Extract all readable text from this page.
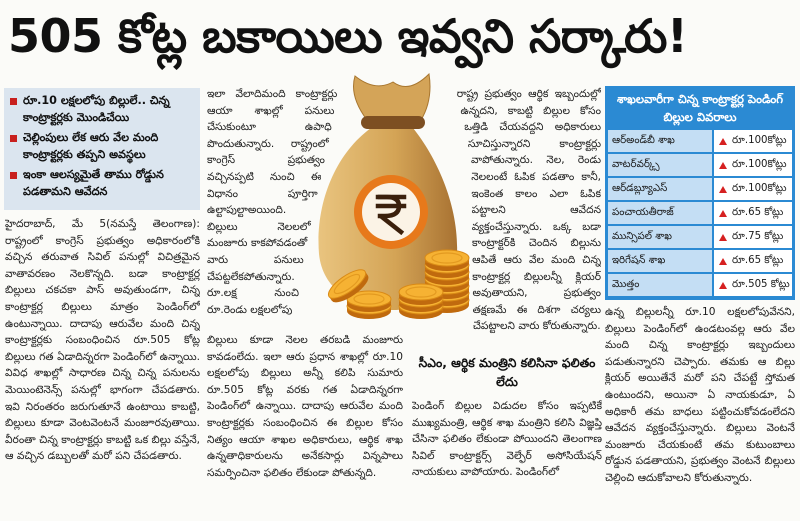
505 కోట్ల బకాయిలు ఇవ్వని సర్కారు!
రూ.10 లక్షలలోపు బిల్లులే.. చిన్న కాంట్రాక్టర్లకు మొండిచేయి
చెల్లింపులు లేక ఆరు వేల మంది కాంట్రాక్టర్లకు తప్పని అవస్థలు
ఇంకా ఆలస్యమైతే తాము రోడ్డున పడతామని ఆవేదన
హైదరాబాద్, మే 5(నమస్తే తెలంగాణ): రాష్ట్రంలో కాంగ్రెస్ ప్రభుత్వం అధికారంలోకి వచ్చిన తరువాత సివిల్ పనుల్లో విచిత్రమైన వాతావరణం నెలకొన్నది. బడా కాంట్రాక్టర్ల బిల్లులు చకచకా పాస్ అవుతుండగా, చిన్న కాంట్రాక్టర్ల బిల్లులు మాత్రం పెండింగ్‌లో ఉంటున్నాయి. దాదాపు ఆరువేల మంది చిన్న కాంట్రాక్టర్లకు సంబంధించిన రూ.505 కోట్ల బిల్లులు గత ఏడాదిన్నరగా పెండింగ్‌లో ఉన్నాయి. వివిధ శాఖల్లో సాధారణ చిన్న చిన్న పనులను మెయింటెనెన్స్ పనుల్లో భాగంగా చేపడతారు. ఇవి నిరంతరం జరుగుతూనే ఉంటాయి కాబట్టి, బిల్లులు కూడా వెంటవెంటనే మంజూరవుతాయి. వీరంతా చిన్న కాంట్రాక్టర్లు కాబట్టి ఒక బిల్లు వస్తేనే, ఆ వచ్చిన డబ్బులతో మరో పని చేపడతారు.
ఇలా వేలాదిమంది కాంట్రాక్టర్లు ఆయా శాఖల్లో పనులు చేసుకుంటూ ఉపాధి పొందుతున్నారు. రాష్ట్రంలో కాంగ్రెస్ ప్రభుత్వం వచ్చినప్పటి నుంచి ఈ విధానం పూర్తిగా ఉల్టాపుల్టాఅయింది. బిల్లులు నెలలలో మంజూరు కాకపోవడంతో వారు పనులు చేపట్టలేకపోతున్నారు. రూ.లక్ష నుంచి రూ.రెండు లక్షలలోపు
బిల్లులు కూడా నెలల తరబడి మంజూరు కావడంలేదు. ఇలా ఆరు ప్రధాన శాఖల్లో రూ.10 లక్షలలోపు బిల్లులు అన్నీ కలిపి సుమారు రూ.505 కోట్ల వరకు గత ఏడాదిన్నరగా పెండింగ్‌లో ఉన్నాయి. దాదాపు ఆరువేల మంది కాంట్రాక్టర్లకు సంబంధించిన ఈ బిల్లుల కోసం నిత్యం ఆయా శాఖల అధికారులు, ఆర్థిక శాఖ ఉన్నతాధికారులను అనేకసార్లు విన్నపాలు సమర్పించినా ఫలితం లేకుండా పోతున్నది.
రాష్ట్ర ప్రభుత్వం ఆర్థిక ఇబ్బందుల్లో ఉన్నదని, కాబట్టి బిల్లుల కోసం ఒత్తిడి చేయవద్దని అధికారులు సూచిస్తున్నారని కాంట్రాక్టర్లు వాపోతున్నారు. నెల, రెండు నెలలంటే ఓపిక పడతాం కానీ, ఇంకెంత కాలం ఎలా ఓపిక పట్టాలని ఆవేదన వ్యక్తంచేస్తున్నారు. ఒక్క బడా కాంట్రాక్టర్‌కి చెందిన బిల్లును ఆపితే ఆరు వేల మంది చిన్న కాంట్రాక్టర్ల బిల్లులన్నీ క్లియర్ అవుతాయని, ప్రభుత్వం తక్షణమే ఈ దిశగా చర్యలు చేపట్టాలని వారు కోరుతున్నారు.
సీఎం, ఆర్థిక మంత్రిని కలిసినా ఫలితం లేదు
పెండింగ్ బిల్లుల విడుదల కోసం ఇప్పటికే ముఖ్యమంత్రి, ఆర్థిక శాఖ మంత్రిని కలిసి విజ్ఞప్తి చేసినా ఫలితం లేకుండా పోయిందని తెలంగాణ సివిల్ కాంట్రాక్టర్స్ వెల్ఫేర్ అసోసియేషన్ నాయకులు వాపోయారు. పెండింగ్‌లో
శాఖలవారీగా చిన్న కాంట్రాక్టర్ల పెండింగ్ బిల్లుల వివరాలు
ఆర్‌అండ్‌బీ శాఖ	రూ.100కోట్లు
వాటర్‌వర్క్స్	రూ.100కోట్లు
ఆర్‌డబ్ల్యూఎస్	రూ.100కోట్లు
పంచాయతీరాజ్	రూ.65 కోట్లు
మున్సిపల్ శాఖ	రూ.75 కోట్లు
ఇరిగేషన్ శాఖ	రూ.65 కోట్లు
మొత్తం	రూ.505 కోట్లు
ఉన్న బిల్లులన్నీ రూ.10 లక్షలలోపువేనని, బిల్లులు పెండింగ్‌లో ఉండటంవల్ల ఆరు వేల మంది చిన్న కాంట్రాక్టర్లు ఇబ్బందులు పడుతున్నారని చెప్పారు. తమకు ఆ బిల్లు క్లియర్ అయితేనే మరో పని చేపట్టే స్తోమత ఉంటుందని, అయినా ఏ నాయకుడూ, ఏ అధికారీ తమ బాధలు పట్టించుకోవడంలేదని ఆవేదన వ్యక్తంచేస్తున్నారు. బిల్లులు వెంటనే మంజూరు చేయకుంటే తమ కుటుంబాలు రోడ్డున పడతాయని, ప్రభుత్వం వెంటనే బిల్లులు చెల్లించి ఆదుకోవాలని కోరుతున్నారు.
